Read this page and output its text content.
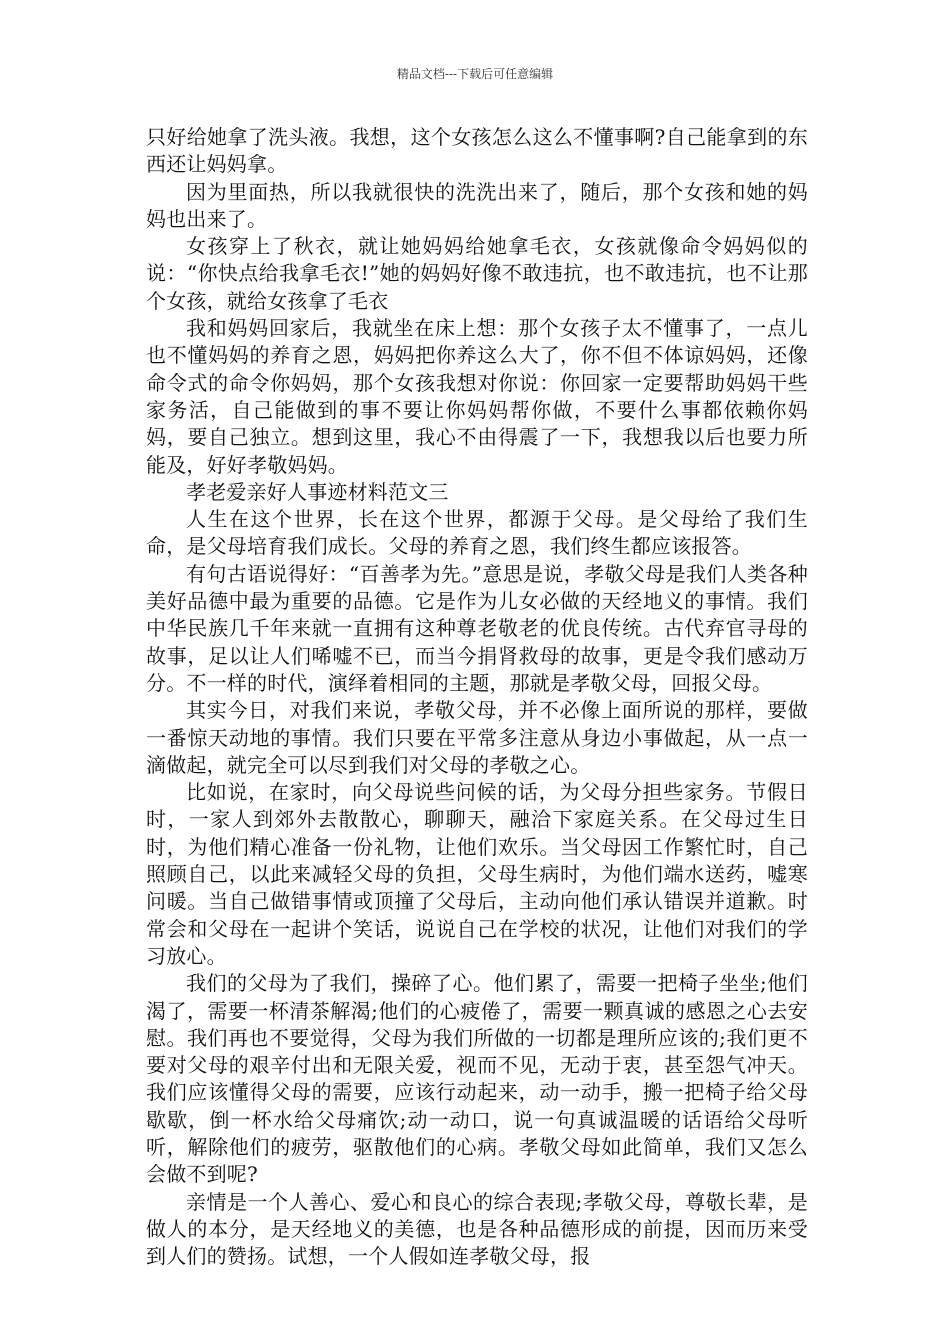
精品文档---下载后可任意编辑

只好给她拿了洗头液。我想，这个女孩怎么这么不懂事啊?自己能拿到的东西还让妈妈拿。

因为里面热，所以我就很快的洗洗出来了，随后，那个女孩和她的妈妈也出来了。

女孩穿上了秋衣，就让她妈妈给她拿毛衣，女孩就像命令妈妈似的说：“你快点给我拿毛衣!”她的妈妈好像不敢违抗，也不敢违抗，也不让那个女孩，就给女孩拿了毛衣

我和妈妈回家后，我就坐在床上想：那个女孩子太不懂事了，一点儿也不懂妈妈的养育之恩，妈妈把你养这么大了，你不但不体谅妈妈，还像命令式的命令你妈妈，那个女孩我想对你说：你回家一定要帮助妈妈干些家务活，自己能做到的事不要让你妈妈帮你做，不要什么事都依赖你妈妈，要自己独立。想到这里，我心不由得震了一下，我想我以后也要力所能及，好好孝敬妈妈。

孝老爱亲好人事迹材料范文三

人生在这个世界，长在这个世界，都源于父母。是父母给了我们生命，是父母培育我们成长。父母的养育之恩，我们终生都应该报答。

有句古语说得好：“百善孝为先。”意思是说，孝敬父母是我们人类各种美好品德中最为重要的品德。它是作为儿女必做的天经地义的事情。我们中华民族几千年来就一直拥有这种尊老敬老的优良传统。古代弃官寻母的故事，足以让人们唏嘘不已，而当今捐肾救母的故事，更是令我们感动万分。不一样的时代，演绎着相同的主题，那就是孝敬父母，回报父母。

其实今日，对我们来说，孝敬父母，并不必像上面所说的那样，要做一番惊天动地的事情。我们只要在平常多注意从身边小事做起，从一点一滴做起，就完全可以尽到我们对父母的孝敬之心。

比如说，在家时，向父母说些问候的话，为父母分担些家务。节假日时，一家人到郊外去散散心，聊聊天，融洽下家庭关系。在父母过生日时，为他们精心准备一份礼物，让他们欢乐。当父母因工作繁忙时，自己照顾自己，以此来减轻父母的负担，父母生病时，为他们端水送药，嘘寒问暖。当自己做错事情或顶撞了父母后，主动向他们承认错误并道歉。时常会和父母在一起讲个笑话，说说自己在学校的状况，让他们对我们的学习放心。

我们的父母为了我们，操碎了心。他们累了，需要一把椅子坐坐;他们渴了，需要一杯清茶解渴;他们的心疲倦了，需要一颗真诚的感恩之心去安慰。我们再也不要觉得，父母为我们所做的一切都是理所应该的;我们更不要对父母的艰辛付出和无限关爱，视而不见，无动于衷，甚至怨气冲天。我们应该懂得父母的需要，应该行动起来，动一动手，搬一把椅子给父母歇歇，倒一杯水给父母痛饮;动一动口，说一句真诚温暖的话语给父母听听，解除他们的疲劳，驱散他们的心病。孝敬父母如此简单，我们又怎么会做不到呢?

亲情是一个人善心、爱心和良心的综合表现;孝敬父母，尊敬长辈，是做人的本分，是天经地义的美德，也是各种品德形成的前提，因而历来受到人们的赞扬。试想，一个人假如连孝敬父母，报
